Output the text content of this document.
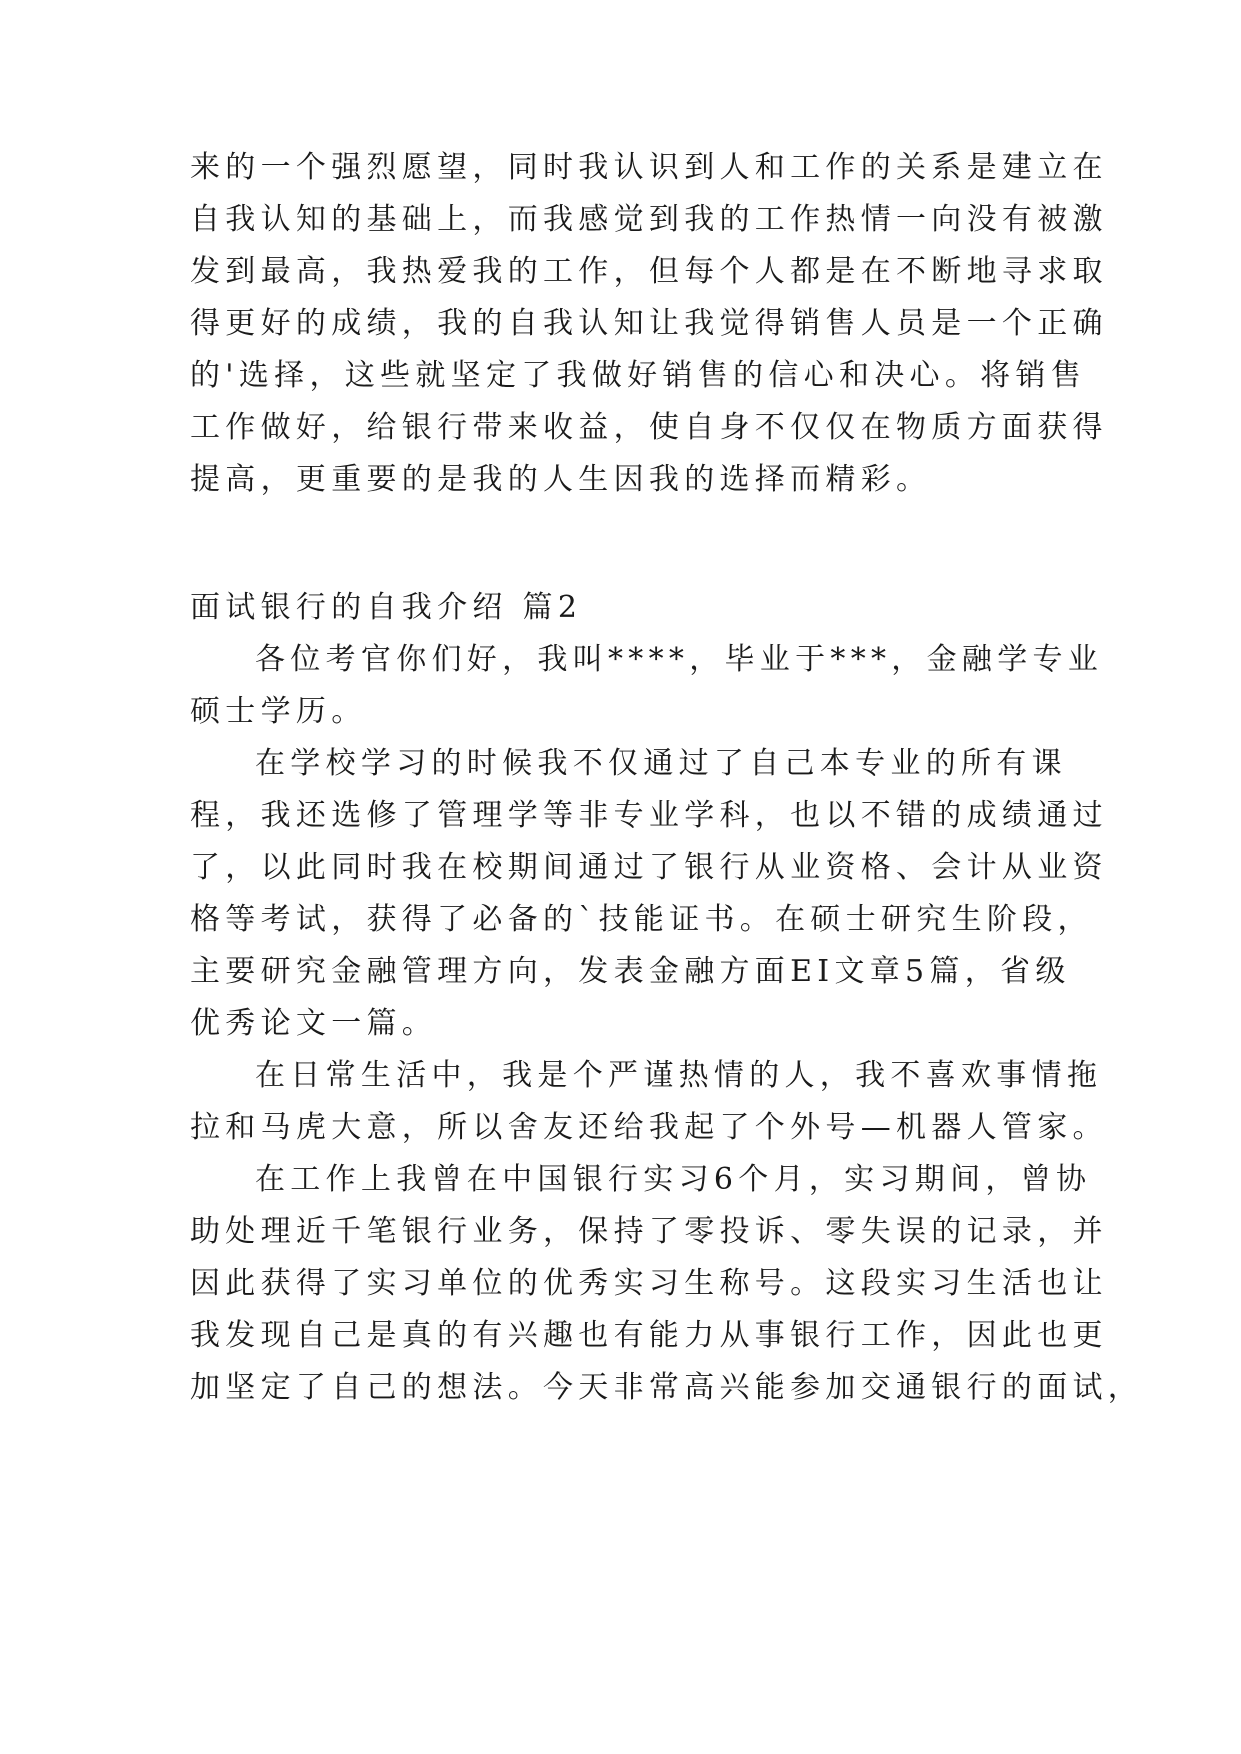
来的一个强烈愿望，同时我认识到人和工作的关系是建立在
自我认知的基础上，而我感觉到我的工作热情一向没有被激
发到最高，我热爱我的工作，但每个人都是在不断地寻求取
得更好的成绩，我的自我认知让我觉得销售人员是一个正确
的'选择，这些就坚定了我做好销售的信心和决心。将销售
工作做好，给银行带来收益，使自身不仅仅在物质方面获得
提高，更重要的是我的人生因我的选择而精彩。
面试银行的自我介绍 篇2
各位考官你们好，我叫****，毕业于***，金融学专业
硕士学历。
在学校学习的时候我不仅通过了自己本专业的所有课
程，我还选修了管理学等非专业学科，也以不错的成绩通过
了，以此同时我在校期间通过了银行从业资格、会计从业资
格等考试，获得了必备的`技能证书。在硕士研究生阶段，
主要研究金融管理方向，发表金融方面EI文章5篇，省级
优秀论文一篇。
在日常生活中，我是个严谨热情的人，我不喜欢事情拖
拉和马虎大意，所以舍友还给我起了个外号—机器人管家。
在工作上我曾在中国银行实习6个月，实习期间，曾协
助处理近千笔银行业务，保持了零投诉、零失误的记录，并
因此获得了实习单位的优秀实习生称号。这段实习生活也让
我发现自己是真的有兴趣也有能力从事银行工作，因此也更
加坚定了自己的想法。今天非常高兴能参加交通银行的面试，
